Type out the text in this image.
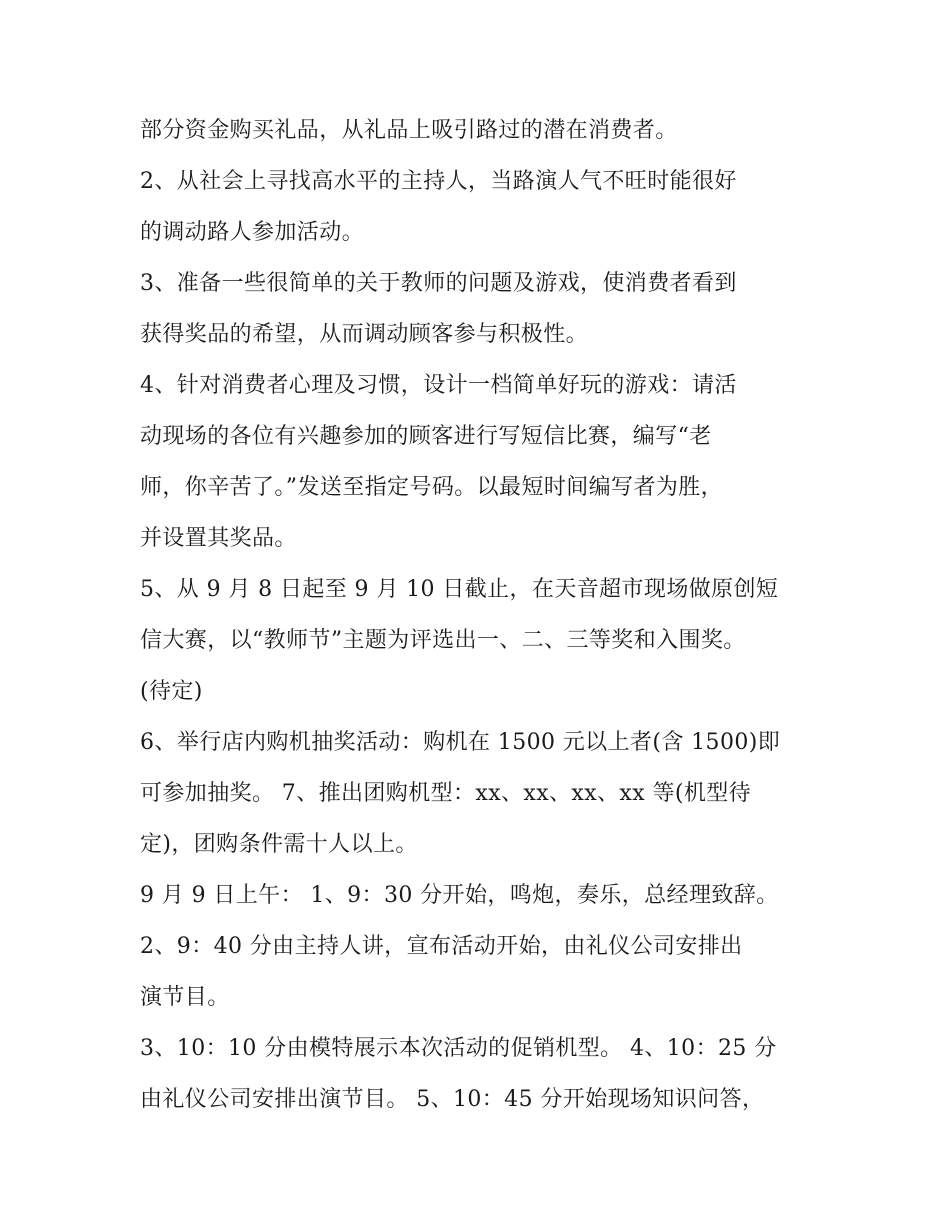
部分资金购买礼品，从礼品上吸引路过的潜在消费者。
2、从社会上寻找高水平的主持人，当路演人气不旺时能很好
的调动路人参加活动。
3、准备一些很简单的关于教师的问题及游戏，使消费者看到
获得奖品的希望，从而调动顾客参与积极性。
4、针对消费者心理及习惯，设计一档简单好玩的游戏：请活
动现场的各位有兴趣参加的顾客进行写短信比赛，编写“老
师，你辛苦了。”发送至指定号码。以最短时间编写者为胜，
并设置其奖品。
5、从 9 月 8 日起至 9 月 10 日截止，在天音超市现场做原创短
信大赛，以“教师节”主题为评选出一、二、三等奖和入围奖。
(待定)
6、举行店内购机抽奖活动：购机在 1500 元以上者(含 1500)即
可参加抽奖。 7、推出团购机型：xx、xx、xx、xx 等(机型待
定)，团购条件需十人以上。
9 月 9 日上午： 1、9：30 分开始，鸣炮，奏乐，总经理致辞。
2、9：40 分由主持人讲，宣布活动开始，由礼仪公司安排出
演节目。
3、10：10 分由模特展示本次活动的促销机型。 4、10：25 分
由礼仪公司安排出演节目。 5、10：45 分开始现场知识问答，
